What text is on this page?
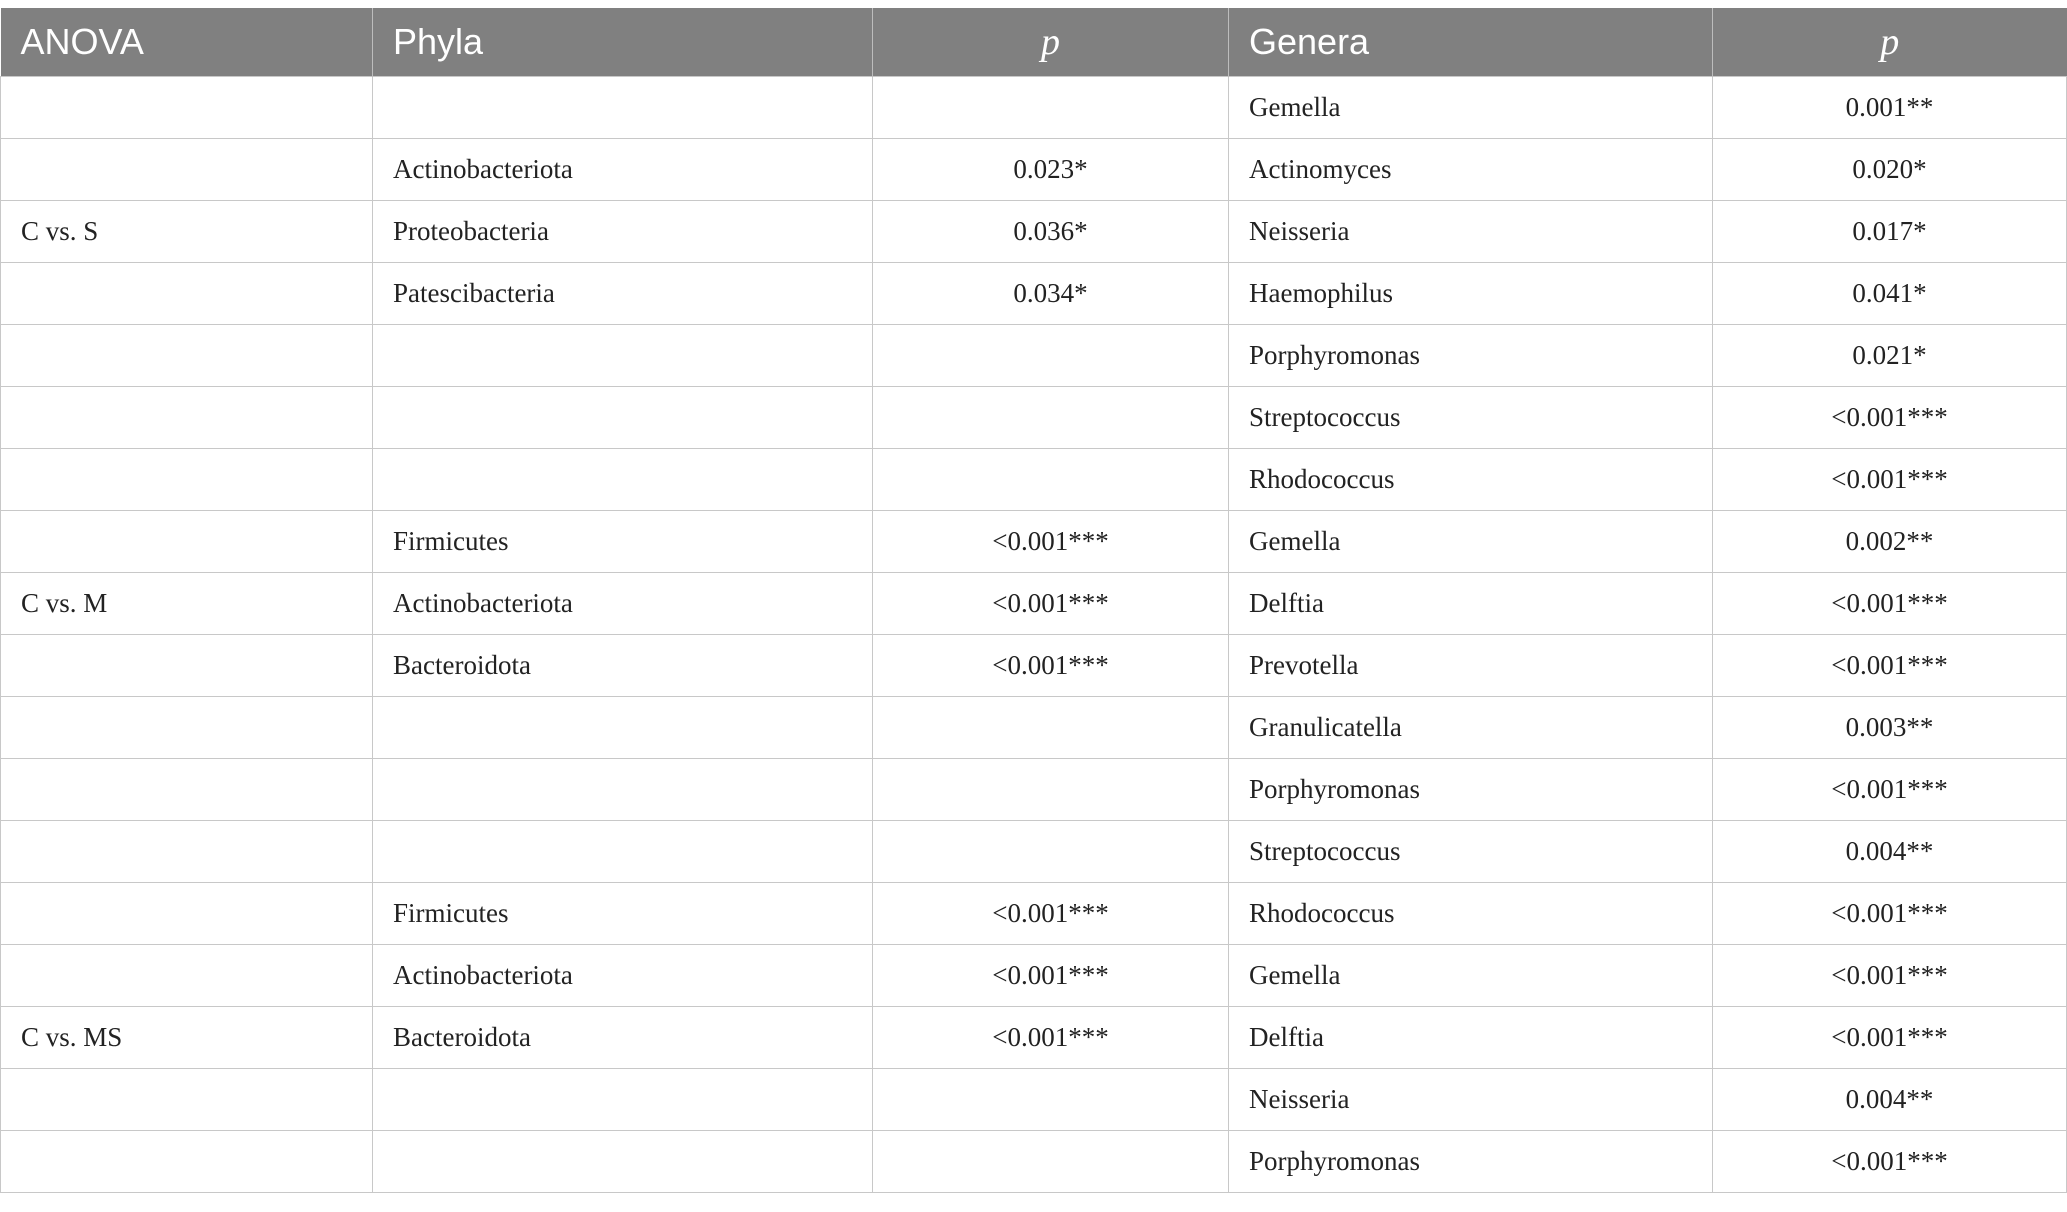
ANOVA	Phyla	p	Genera	p
			Gemella	0.001**
	Actinobacteriota	0.023*	Actinomyces	0.020*
C vs. S	Proteobacteria	0.036*	Neisseria	0.017*
	Patescibacteria	0.034*	Haemophilus	0.041*
			Porphyromonas	0.021*
			Streptococcus	<0.001***
			Rhodococcus	<0.001***
	Firmicutes	<0.001***	Gemella	0.002**
C vs. M	Actinobacteriota	<0.001***	Delftia	<0.001***
	Bacteroidota	<0.001***	Prevotella	<0.001***
			Granulicatella	0.003**
			Porphyromonas	<0.001***
			Streptococcus	0.004**
	Firmicutes	<0.001***	Rhodococcus	<0.001***
	Actinobacteriota	<0.001***	Gemella	<0.001***
C vs. MS	Bacteroidota	<0.001***	Delftia	<0.001***
			Neisseria	0.004**
			Porphyromonas	<0.001***
